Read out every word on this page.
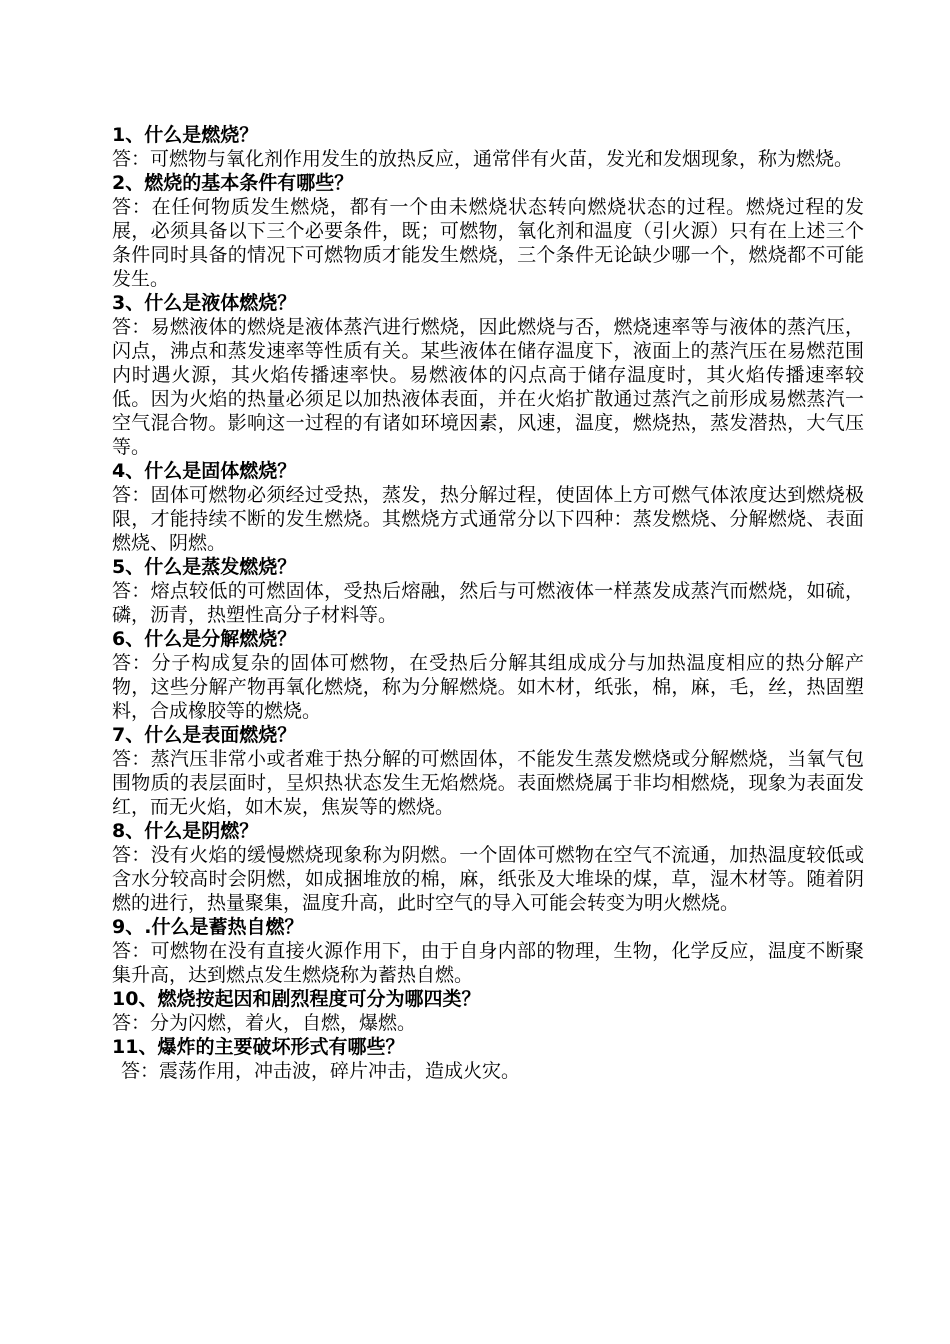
1、什么是燃烧？

答：可燃物与氧化剂作用发生的放热反应，通常伴有火苗，发光和发烟现象，称为燃烧。

2、燃烧的基本条件有哪些？

答：在任何物质发生燃烧，都有一个由未燃烧状态转向燃烧状态的过程。燃烧过程的发展，必须具备以下三个必要条件，既；可燃物，氧化剂和温度（引火源）只有在上述三个条件同时具备的情况下可燃物质才能发生燃烧，三个条件无论缺少哪一个，燃烧都不可能发生。

3、什么是液体燃烧？

答：易燃液体的燃烧是液体蒸汽进行燃烧，因此燃烧与否，燃烧速率等与液体的蒸汽压，闪点，沸点和蒸发速率等性质有关。某些液体在储存温度下，液面上的蒸汽压在易燃范围内时遇火源，其火焰传播速率快。易燃液体的闪点高于储存温度时，其火焰传播速率较低。因为火焰的热量必须足以加热液体表面，并在火焰扩散通过蒸汽之前形成易燃蒸汽一空气混合物。影响这一过程的有诸如环境因素，风速，温度，燃烧热，蒸发潜热，大气压等。

4、什么是固体燃烧？

答：固体可燃物必须经过受热，蒸发，热分解过程，使固体上方可燃气体浓度达到燃烧极限，才能持续不断的发生燃烧。其燃烧方式通常分以下四种：蒸发燃烧、分解燃烧、表面燃烧、阴燃。

5、什么是蒸发燃烧？

答：熔点较低的可燃固体，受热后熔融，然后与可燃液体一样蒸发成蒸汽而燃烧，如硫，磷，沥青，热塑性高分子材料等。

6、什么是分解燃烧？

答：分子构成复杂的固体可燃物，在受热后分解其组成成分与加热温度相应的热分解产物，这些分解产物再氧化燃烧，称为分解燃烧。如木材，纸张，棉，麻，毛，丝，热固塑料，合成橡胶等的燃烧。

7、什么是表面燃烧？

答：蒸汽压非常小或者难于热分解的可燃固体，不能发生蒸发燃烧或分解燃烧，当氧气包围物质的表层面时，呈炽热状态发生无焰燃烧。表面燃烧属于非均相燃烧，现象为表面发红，而无火焰，如木炭，焦炭等的燃烧。

8、什么是阴燃？

答：没有火焰的缓慢燃烧现象称为阴燃。一个固体可燃物在空气不流通，加热温度较低或含水分较高时会阴燃，如成捆堆放的棉，麻，纸张及大堆垛的煤，草，湿木材等。随着阴燃的进行，热量聚集，温度升高，此时空气的导入可能会转变为明火燃烧。

9、.什么是蓄热自燃？

答：可燃物在没有直接火源作用下，由于自身内部的物理，生物，化学反应，温度不断聚集升高，达到燃点发生燃烧称为蓄热自燃。

10、燃烧按起因和剧烈程度可分为哪四类？

答：分为闪燃，着火，自燃，爆燃。

11、爆炸的主要破坏形式有哪些？

答：震荡作用，冲击波，碎片冲击，造成火灾。
